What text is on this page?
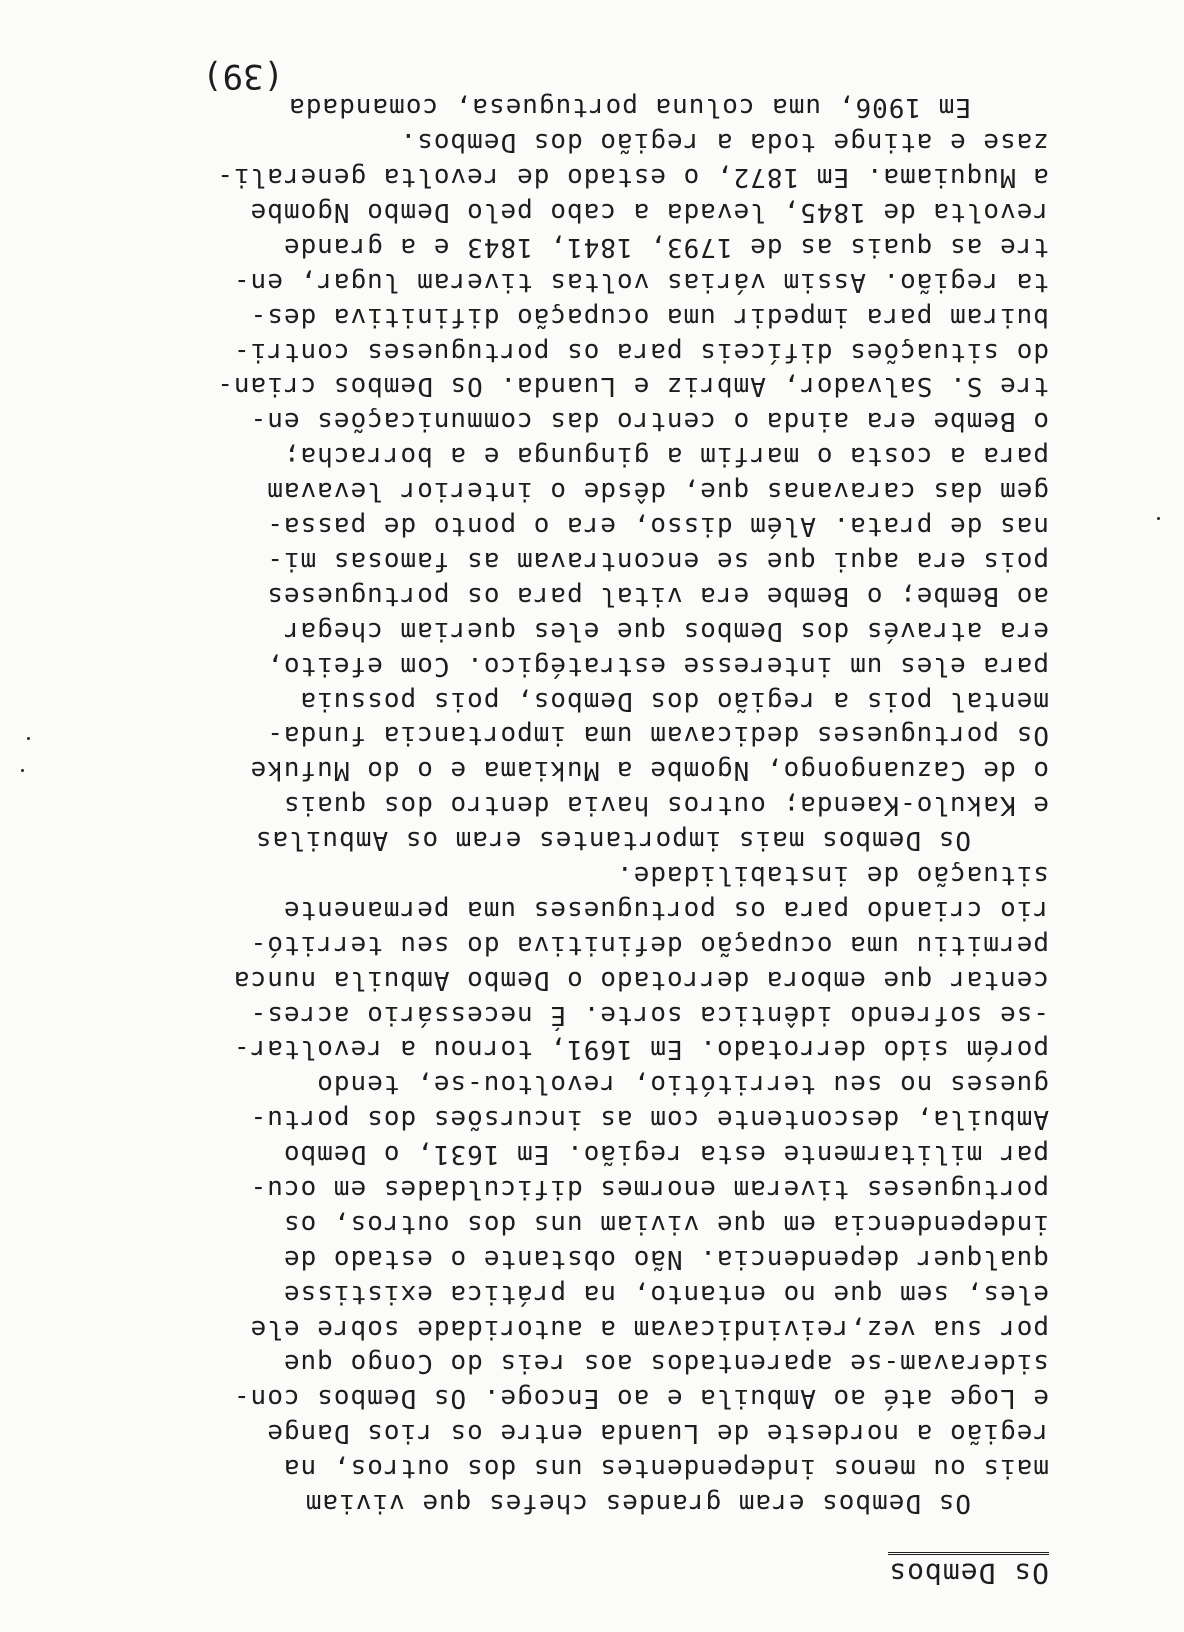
Os Dembos
Os Dembos eram grandes chefes que viviam
mais ou menos independentes uns dos outros, na
região a nordeste de Luanda entre os rios Dange
e Loge até ao Ambuila e ao Encoge. Os Dembos con-
sideravam-se aparentados aos reis do Congo que
por sua vez,reivindicavam a autoridade sobre ele
eles, sem que no entanto, na prática existisse
qualquer dependencia. Não obstante o estado de
independencia em que viviam uns dos outros, os
portugueses tiveram enormes dificuldades em ocu-
par militarmente esta região. Em 1631, o Dembo
Ambuila, descontente com as incursões dos portu-
gueses no seu territótio, revoltou-se, tendo
porém sido derrotado. Em 1691, tornou a revoltar-
-se sofrendo idêntica sorte. É necessário acres-
centar que embora derrotado o Dembo Ambuila nunca
permitiu uma ocupação definitiva do seu territó-
rio criando para os portugueses uma permanente
situação de instabilidade.
Os Dembos mais importantes eram os Ambuilas
e Kakulo-Kaenda; outros havia dentro dos quais
o de Cazuangongo, Ngombe a Mukiama e o do Mufuke
Os portugueses dedicavam uma importancia funda-
mental pois a região dos Dembos, pois possuia
para eles um interesse estratégico. Com efeito,
era através dos Dembos que eles queriam chegar
ao Bembe; o Bembe era vital para os portugueses
pois era aqui que se encontravam as famosas mi-
nas de prata. Além disso, era o ponto de passa-
gem das caravanas que, dêsde o interior levavam
para a costa o marfim a gingunga e a borracha;
o Bembe era ainda o centro das communicações en-
tre S. Salvador, Ambriz e Luanda. Os Dembos crian-
do situações difíceis para os portugueses contri-
buiram para impedir uma ocupação difinitiva des-
ta região. Assim várias voltas tiveram lugar, en-
tre as quais as de 1793, 1841, 1843 e a grande
revolta de 1845, levada a cabo pelo Dembo Ngombe
a Muquiama. Em 1872, o estado de revolta generali-
zase e atinge toda a região dos Dembos.
Em 1906, uma coluna portuguesa, comandada
(39)
